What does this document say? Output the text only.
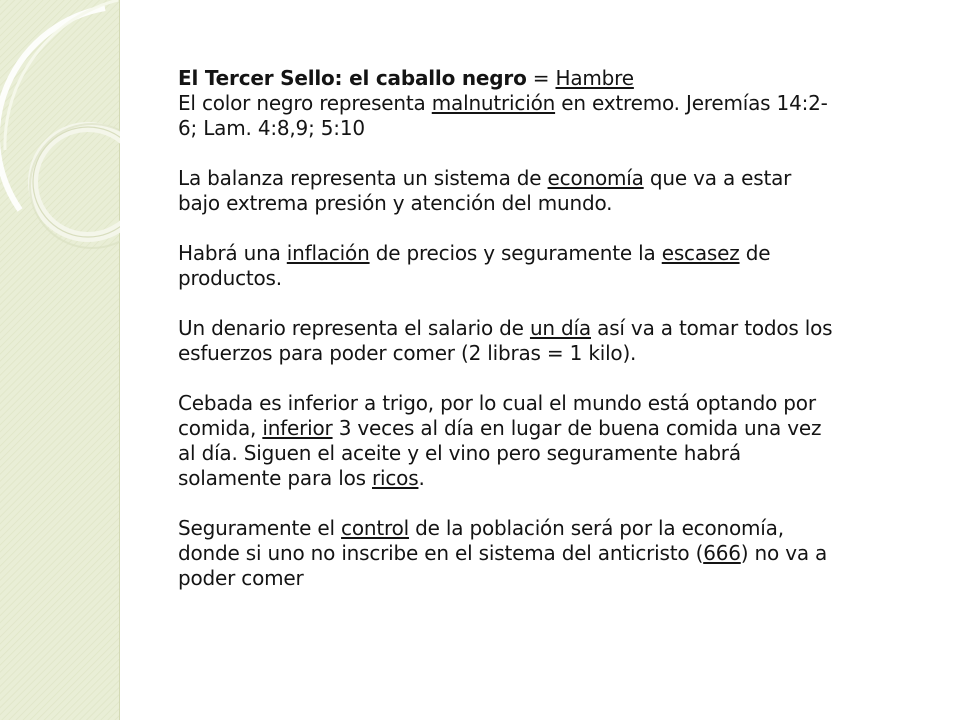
El Tercer Sello: el caballo negro = Hambre
El color negro representa malnutrición en extremo. Jeremías 14:2-6; Lam. 4:8,9; 5:10

La balanza representa un sistema de economía que va a estar bajo extrema presión y atención del mundo.

Habrá una inflación de precios y seguramente la escasez de productos.

Un denario representa el salario de un día así va a tomar todos los esfuerzos para poder comer (2 libras = 1 kilo).

Cebada es inferior a trigo, por lo cual el mundo está optando por comida, inferior 3 veces al día en lugar de buena comida una vez al día. Siguen el aceite y el vino pero seguramente habrá solamente para los ricos.

Seguramente el control de la población será por la economía, donde si uno no inscribe en el sistema del anticristo (666) no va a poder comer
